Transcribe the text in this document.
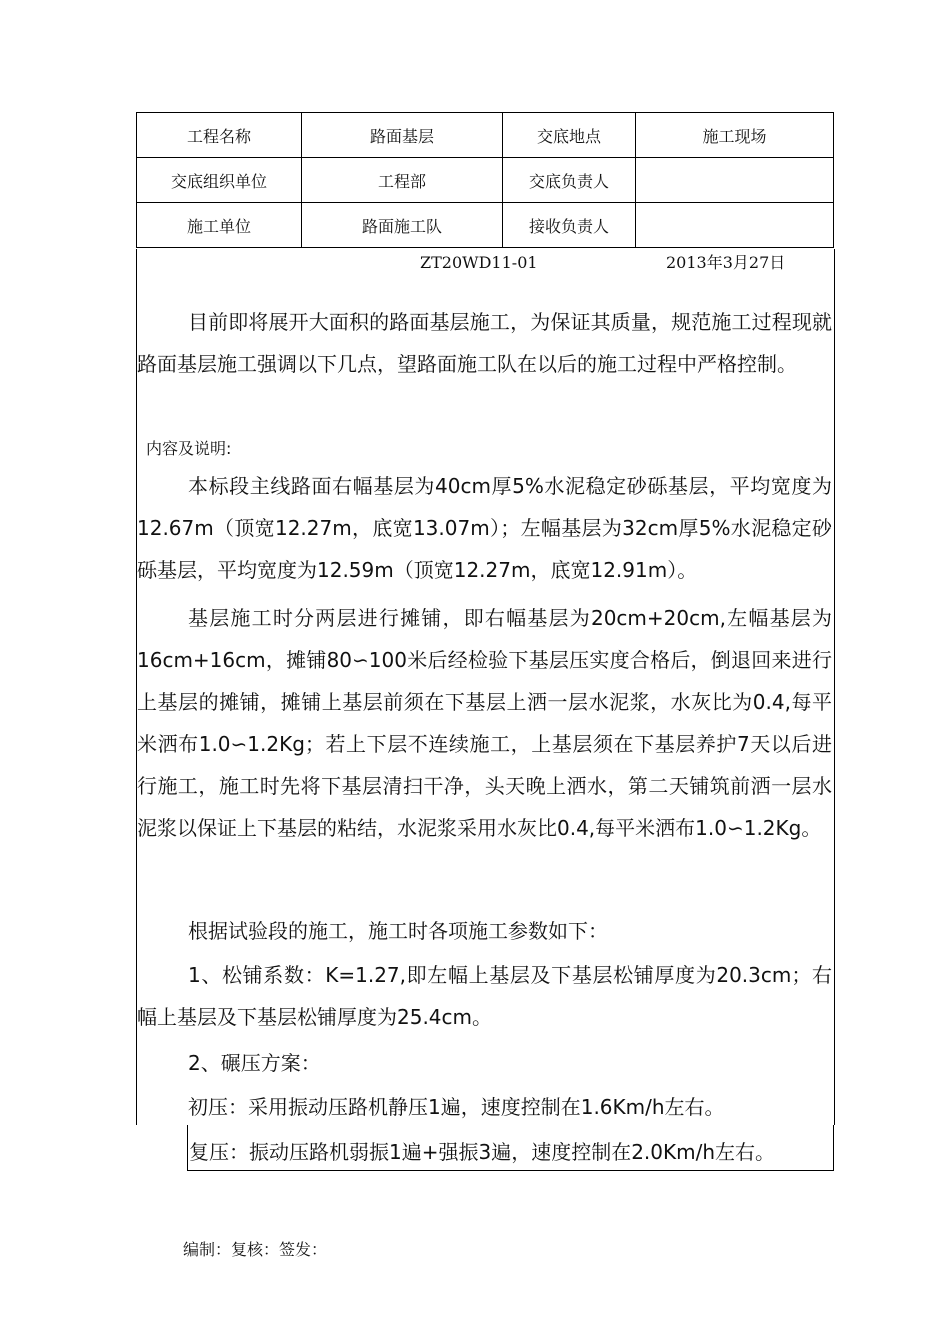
工程名称	路面基层	交底地点	施工现场
交底组织单位	工程部	交底负责人	
施工单位	路面施工队	接收负责人	
ZT20WD11-01	2013年3月27日

目前即将展开大面积的路面基层施工，为保证其质量，规范施工过程现就路面基层施工强调以下几点，望路面施工队在以后的施工过程中严格控制。

内容及说明:

本标段主线路面右幅基层为40cm厚5%水泥稳定砂砾基层，平均宽度为12.67m（顶宽12.27m，底宽13.07m）；左幅基层为32cm厚5%水泥稳定砂砾基层，平均宽度为12.59m（顶宽12.27m，底宽12.91m）。

基层施工时分两层进行摊铺，即右幅基层为20cm+20cm,左幅基层为16cm+16cm，摊铺80∽100米后经检验下基层压实度合格后，倒退回来进行上基层的摊铺，摊铺上基层前须在下基层上洒一层水泥浆，水灰比为0.4,每平米洒布1.0∽1.2Kg；若上下层不连续施工，上基层须在下基层养护7天以后进行施工，施工时先将下基层清扫干净，头天晚上洒水，第二天铺筑前洒一层水泥浆以保证上下基层的粘结，水泥浆采用水灰比0.4,每平米洒布1.0∽1.2Kg。

根据试验段的施工，施工时各项施工参数如下：

1、松铺系数：K=1.27,即左幅上基层及下基层松铺厚度为20.3cm；右幅上基层及下基层松铺厚度为25.4cm。

2、碾压方案：

初压：采用振动压路机静压1遍，速度控制在1.6Km/h左右。

复压：振动压路机弱振1遍+强振3遍，速度控制在2.0Km/h左右。

编制：复核：签发：
